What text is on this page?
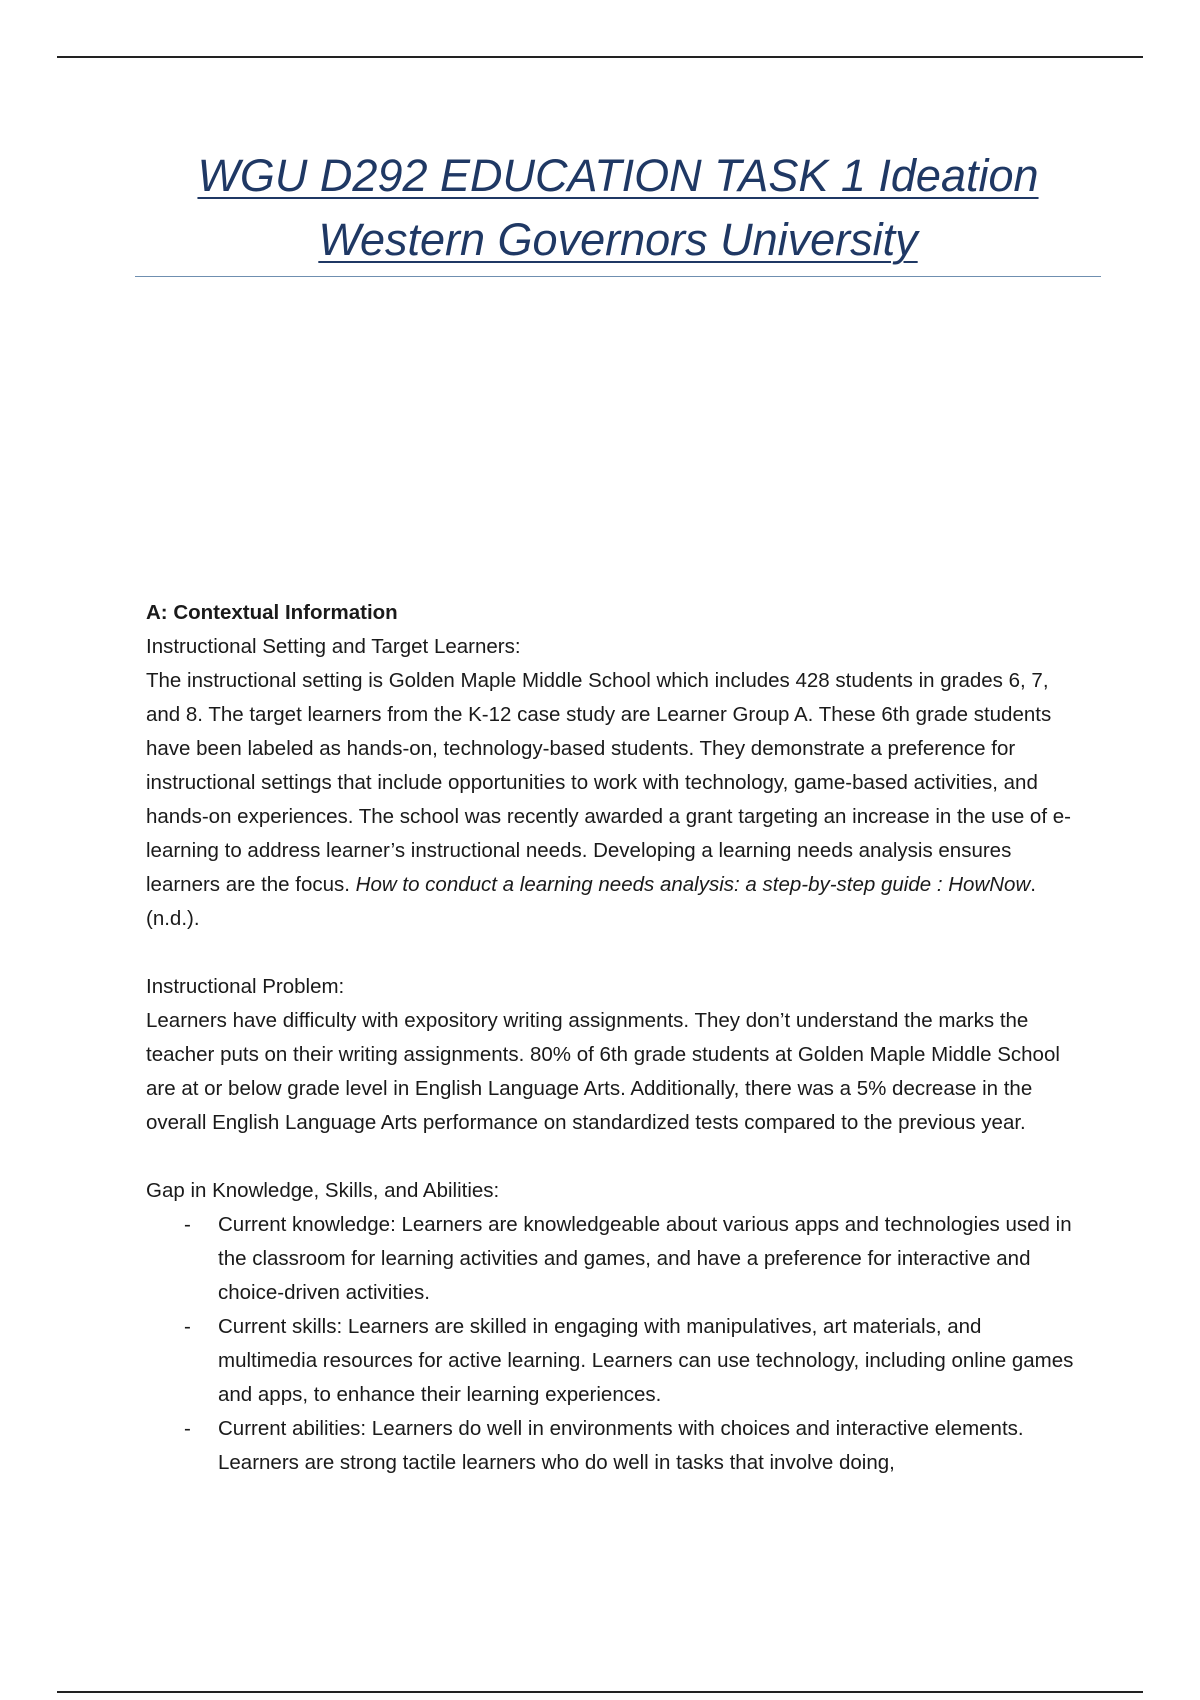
WGU D292 EDUCATION TASK 1 Ideation
Western Governors University

A: Contextual Information

Instructional Setting and Target Learners:

The instructional setting is Golden Maple Middle School which includes 428 students in grades 6, 7, and 8. The target learners from the K-12 case study are Learner Group A. These 6th grade students have been labeled as hands-on, technology-based students. They demonstrate a preference for instructional settings that include opportunities to work with technology, game-based activities, and hands-on experiences. The school was recently awarded a grant targeting an increase in the use of e-learning to address learner’s instructional needs. Developing a learning needs analysis ensures learners are the focus. How to conduct a learning needs analysis: a step-by-step guide : HowNow. (n.d.).

Instructional Problem:

Learners have difficulty with expository writing assignments. They don’t understand the marks the teacher puts on their writing assignments. 80% of 6th grade students at Golden Maple Middle School are at or below grade level in English Language Arts. Additionally, there was a 5% decrease in the overall English Language Arts performance on standardized tests compared to the previous year.

Gap in Knowledge, Skills, and Abilities:

- Current knowledge: Learners are knowledgeable about various apps and technologies used in the classroom for learning activities and games, and have a preference for interactive and choice-driven activities.
- Current skills: Learners are skilled in engaging with manipulatives, art materials, and multimedia resources for active learning. Learners can use technology, including online games and apps, to enhance their learning experiences.
- Current abilities: Learners do well in environments with choices and interactive elements. Learners are strong tactile learners who do well in tasks that involve doing,
